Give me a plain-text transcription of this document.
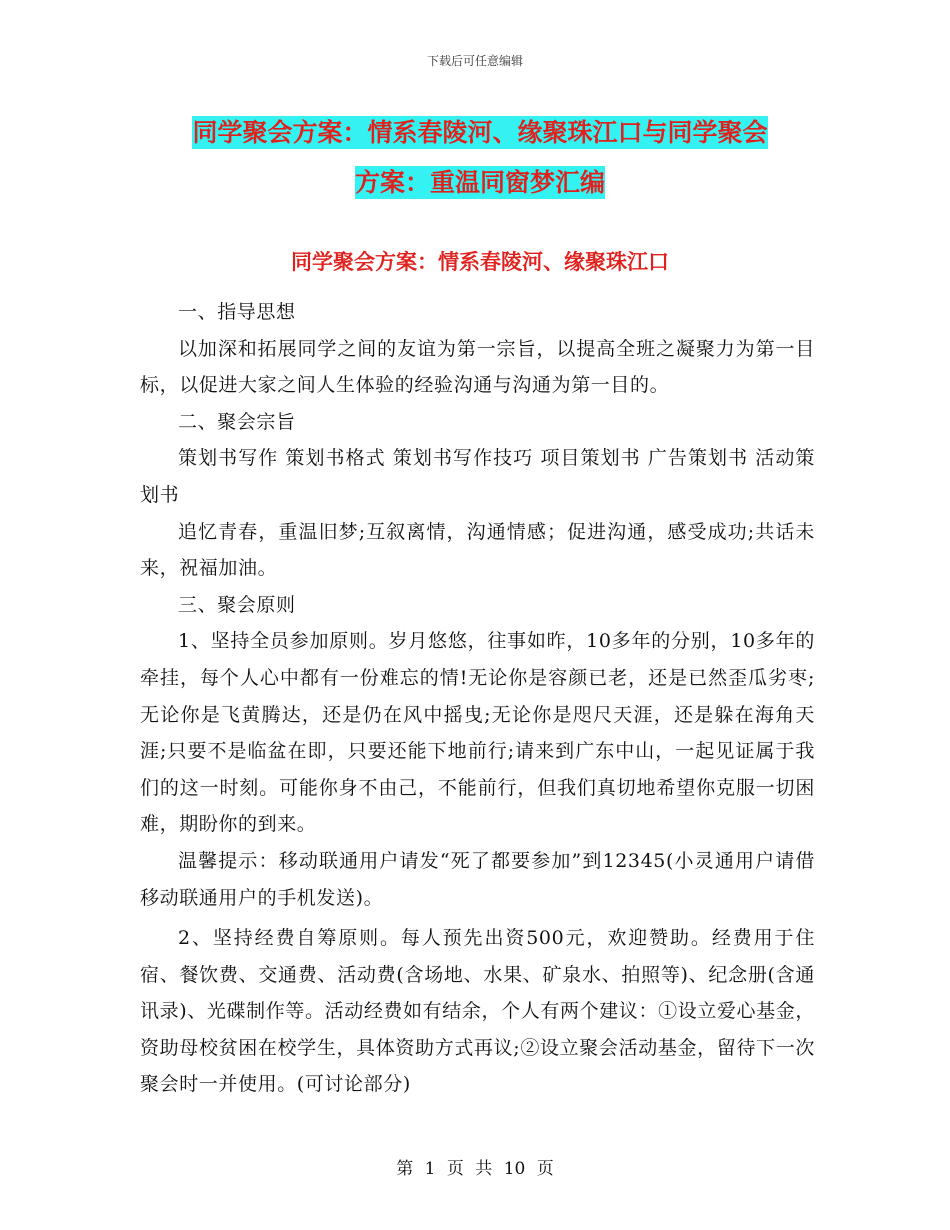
下载后可任意编辑
同学聚会方案：情系春陵河、缘聚珠江口与同学聚会
方案：重温同窗梦汇编
同学聚会方案：情系春陵河、缘聚珠江口

一、指导思想

以加深和拓展同学之间的友谊为第一宗旨，以提高全班之凝聚力为第一目标，以促进大家之间人生体验的经验沟通与沟通为第一目的。

二、聚会宗旨

策划书写作 策划书格式 策划书写作技巧 项目策划书 广告策划书 活动策划书

追忆青春，重温旧梦;互叙离情，沟通情感；促进沟通，感受成功;共话未来，祝福加油。

三、聚会原则

1、坚持全员参加原则。岁月悠悠，往事如昨，10多年的分别，10多年的牵挂，每个人心中都有一份难忘的情!无论你是容颜已老，还是已然歪瓜劣枣;无论你是飞黄腾达，还是仍在风中摇曳;无论你是咫尺天涯，还是躲在海角天涯;只要不是临盆在即，只要还能下地前行;请来到广东中山，一起见证属于我们的这一时刻。可能你身不由己，不能前行，但我们真切地希望你克服一切困难，期盼你的到来。

温馨提示：移动联通用户请发“死了都要参加”到12345(小灵通用户请借移动联通用户的手机发送)。

2、坚持经费自筹原则。每人预先出资500元，欢迎赞助。经费用于住宿、餐饮费、交通费、活动费(含场地、水果、矿泉水、拍照等)、纪念册(含通讯录)、光碟制作等。活动经费如有结余，个人有两个建议：①设立爱心基金，资助母校贫困在校学生，具体资助方式再议;②设立聚会活动基金，留待下一次聚会时一并使用。(可讨论部分)

第 1 页 共 10 页
